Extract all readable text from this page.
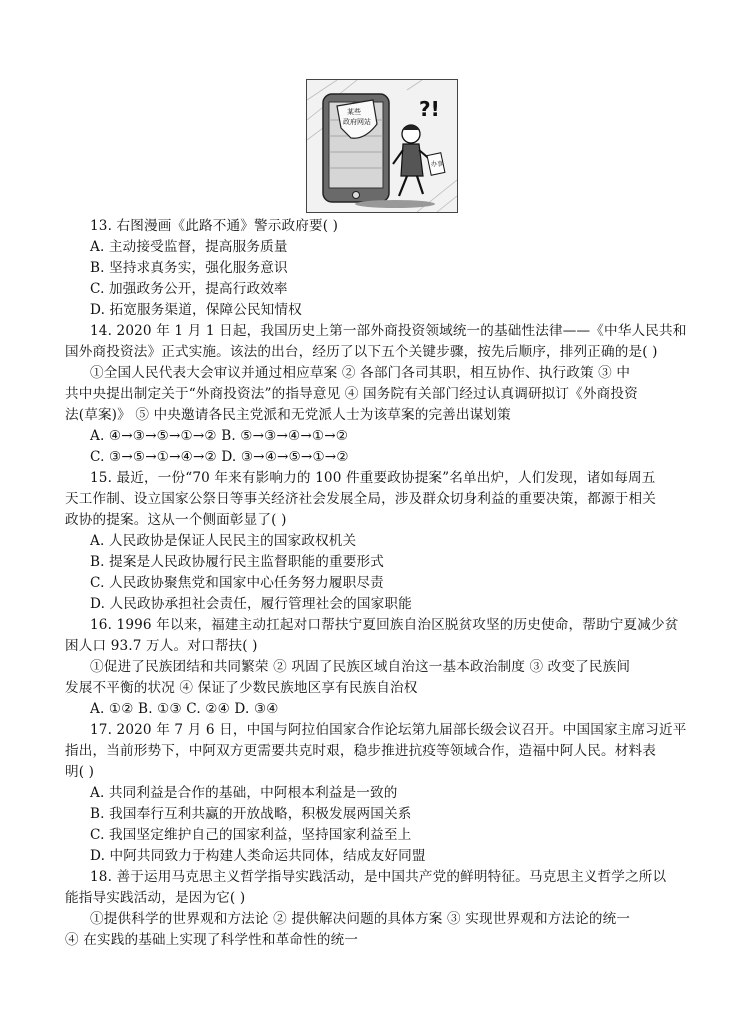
某些
政府网站
办事
?!
13. 右图漫画《此路不通》警示政府要( )
A. 主动接受监督，提高服务质量
B. 坚持求真务实，强化服务意识
C. 加强政务公开，提高行政效率
D. 拓宽服务渠道，保障公民知情权
14. 2020 年 1 月 1 日起，我国历史上第一部外商投资领域统一的基础性法律——《中华人民共和
国外商投资法》正式实施。该法的出台，经历了以下五个关键步骤，按先后顺序，排列正确的是( )
①全国人民代表大会审议并通过相应草案 ② 各部门各司其职，相互协作、执行政策 ③ 中
共中央提出制定关于“外商投资法”的指导意见 ④ 国务院有关部门经过认真调研拟订《外商投资
法(草案)》 ⑤ 中央邀请各民主党派和无党派人士为该草案的完善出谋划策
A. ④→③→⑤→①→② B. ⑤→③→④→①→②
C. ③→⑤→①→④→② D. ③→④→⑤→①→②
15. 最近，一份“70 年来有影响力的 100 件重要政协提案”名单出炉，人们发现，诸如每周五
天工作制、设立国家公祭日等事关经济社会发展全局，涉及群众切身利益的重要决策，都源于相关
政协的提案。这从一个侧面彰显了( )
A. 人民政协是保证人民民主的国家政权机关
B. 提案是人民政协履行民主监督职能的重要形式
C. 人民政协聚焦党和国家中心任务努力履职尽责
D. 人民政协承担社会责任，履行管理社会的国家职能
16. 1996 年以来，福建主动扛起对口帮扶宁夏回族自治区脱贫攻坚的历史使命，帮助宁夏减少贫
困人口 93.7 万人。对口帮扶( )
①促进了民族团结和共同繁荣 ② 巩固了民族区域自治这一基本政治制度 ③ 改变了民族间
发展不平衡的状况 ④ 保证了少数民族地区享有民族自治权
A. ①② B. ①③ C. ②④ D. ③④
17. 2020 年 7 月 6 日，中国与阿拉伯国家合作论坛第九届部长级会议召开。中国国家主席习近平
指出，当前形势下，中阿双方更需要共克时艰，稳步推进抗疫等领域合作，造福中阿人民。材料表
明( )
A. 共同利益是合作的基础，中阿根本利益是一致的
B. 我国奉行互利共赢的开放战略，积极发展两国关系
C. 我国坚定维护自己的国家利益，坚持国家利益至上
D. 中阿共同致力于构建人类命运共同体，结成友好同盟
18. 善于运用马克思主义哲学指导实践活动，是中国共产党的鲜明特征。马克思主义哲学之所以
能指导实践活动，是因为它( )
①提供科学的世界观和方法论 ② 提供解决问题的具体方案 ③ 实现世界观和方法论的统一
④ 在实践的基础上实现了科学性和革命性的统一
